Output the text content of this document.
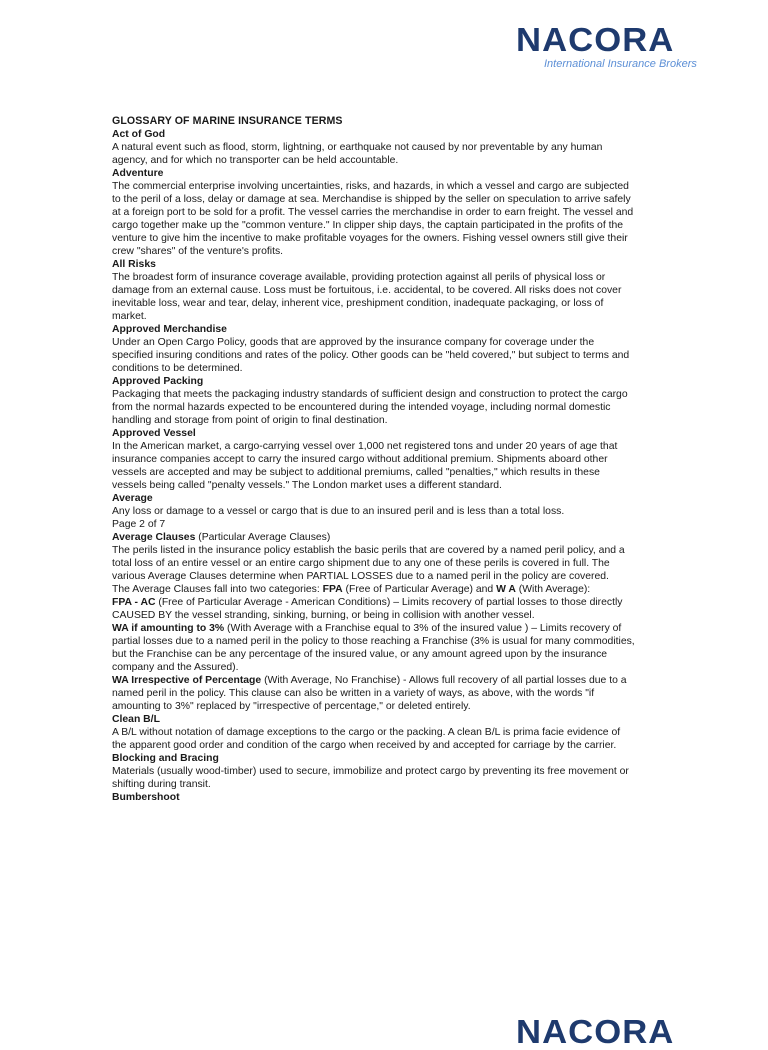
NACORA
International Insurance Brokers
GLOSSARY OF MARINE INSURANCE TERMS
Act of God
A natural event such as flood, storm, lightning, or earthquake not caused by nor preventable by any human agency, and for which no transporter can be held accountable.
Adventure
The commercial enterprise involving uncertainties, risks, and hazards, in which a vessel and cargo are subjected to the peril of a loss, delay or damage at sea. Merchandise is shipped by the seller on speculation to arrive safely at a foreign port to be sold for a profit. The vessel carries the merchandise in order to earn freight. The vessel and cargo together make up the "common venture." In clipper ship days, the captain participated in the profits of the venture to give him the incentive to make profitable voyages for the owners. Fishing vessel owners still give their crew "shares" of the venture's profits.
All Risks
The broadest form of insurance coverage available, providing protection against all perils of physical loss or damage from an external cause. Loss must be fortuitous, i.e. accidental, to be covered. All risks does not cover inevitable loss, wear and tear, delay, inherent vice, preshipment condition, inadequate packaging, or loss of market.
Approved Merchandise
Under an Open Cargo Policy, goods that are approved by the insurance company for coverage under the specified insuring conditions and rates of the policy. Other goods can be "held covered," but subject to terms and conditions to be determined.
Approved Packing
Packaging that meets the packaging industry standards of sufficient design and construction to protect the cargo from the normal hazards expected to be encountered during the intended voyage, including normal domestic handling and storage from point of origin to final destination.
Approved Vessel
In the American market, a cargo-carrying vessel over 1,000 net registered tons and under 20 years of age that insurance companies accept to carry the insured cargo without additional premium. Shipments aboard other vessels are accepted and may be subject to additional premiums, called "penalties," which results in these vessels being called "penalty vessels." The London market uses a different standard.
Average
Any loss or damage to a vessel or cargo that is due to an insured peril and is less than a total loss.
Page 2 of 7
Average Clauses (Particular Average Clauses)
The perils listed in the insurance policy establish the basic perils that are covered by a named peril policy, and a total loss of an entire vessel or an entire cargo shipment due to any one of these perils is covered in full. The various Average Clauses determine when PARTIAL LOSSES due to a named peril in the policy are covered.
The Average Clauses fall into two categories: FPA (Free of Particular Average) and W A (With Average):
FPA - AC (Free of Particular Average - American Conditions) – Limits recovery of partial losses to those directly CAUSED BY the vessel stranding, sinking, burning, or being in collision with another vessel.
WA if amounting to 3% (With Average with a Franchise equal to 3% of the insured value ) – Limits recovery of partial losses due to a named peril in the policy to those reaching a Franchise (3% is usual for many commodities, but the Franchise can be any percentage of the insured value, or any amount agreed upon by the insurance company and the Assured).
WA Irrespective of Percentage (With Average, No Franchise) - Allows full recovery of all partial losses due to a named peril in the policy. This clause can also be written in a variety of ways, as above, with the words "if amounting to 3%" replaced by "irrespective of percentage," or deleted entirely.
Clean B/L
A B/L without notation of damage exceptions to the cargo or the packing. A clean B/L is prima facie evidence of the apparent good order and condition of the cargo when received by and accepted for carriage by the carrier.
Blocking and Bracing
Materials (usually wood-timber) used to secure, immobilize and protect cargo by preventing its free movement or shifting during transit.
Bumbershoot
NACORA
